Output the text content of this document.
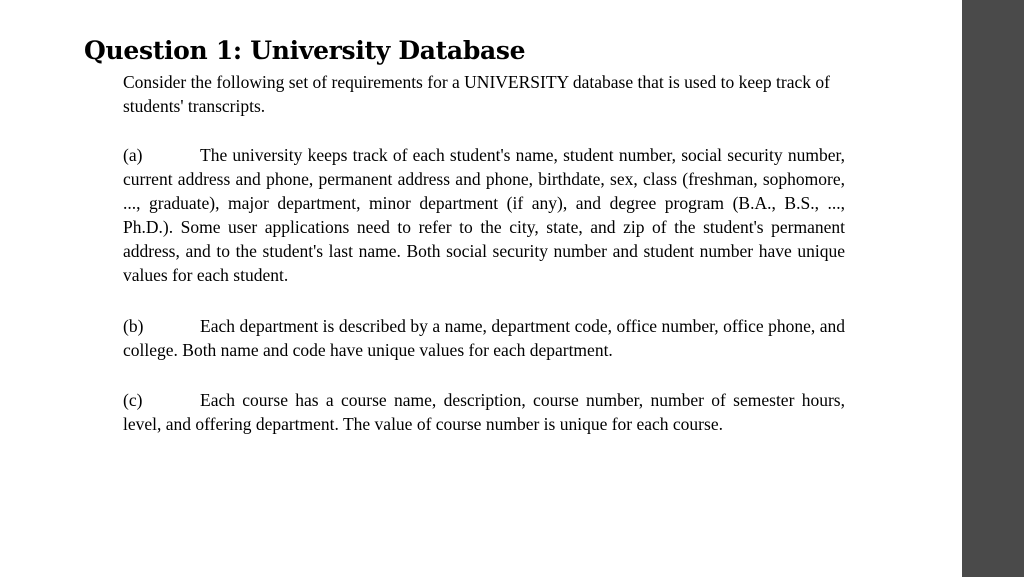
Question 1: University Database
Consider the following set of requirements for a UNIVERSITY database that is used to keep track of students' transcripts.
(a)	The university keeps track of each student's name, student number, social security number, current address and phone, permanent address and phone, birthdate, sex, class (freshman, sophomore, ..., graduate), major department, minor department (if any), and degree program (B.A., B.S., ..., Ph.D.). Some user applications need to refer to the city, state, and zip of the student's permanent address, and to the student's last name. Both social security number and student number have unique values for each student.
(b)	Each department is described by a name, department code, office number, office phone, and college. Both name and code have unique values for each department.
(c)	Each course has a course name, description, course number, number of semester hours, level, and offering department. The value of course number is unique for each course.
